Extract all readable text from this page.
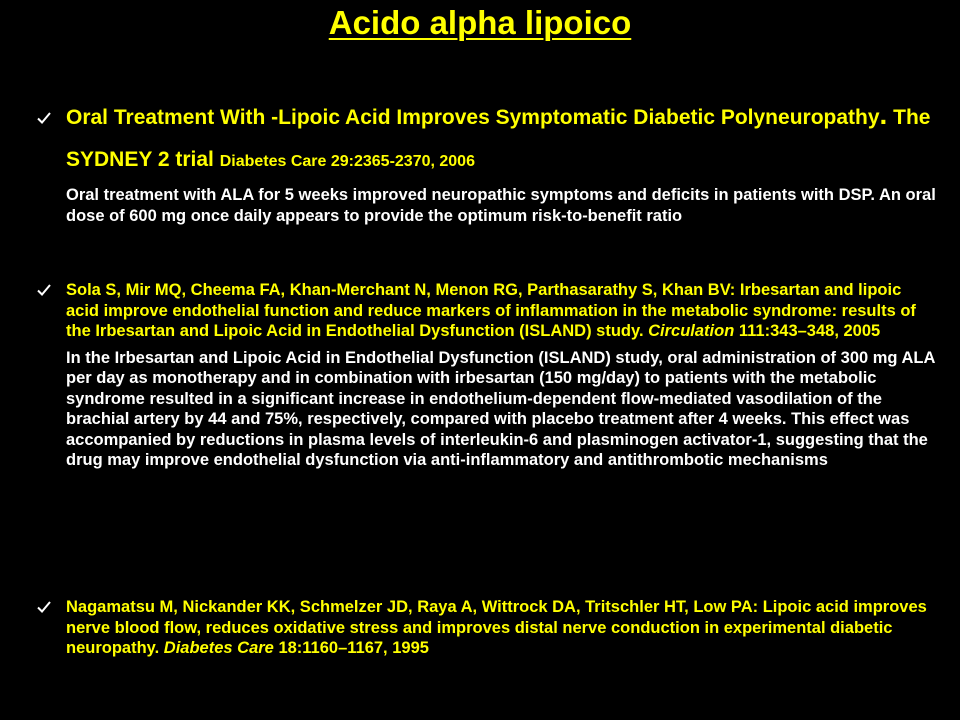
Acido alpha lipoico
Oral Treatment With -Lipoic Acid Improves Symptomatic Diabetic Polyneuropathy. The SYDNEY 2 trial Diabetes Care 29:2365-2370, 2006
Oral treatment with ALA for 5 weeks improved neuropathic symptoms and deficits in patients with DSP. An oral dose of 600 mg once daily appears to provide the optimum risk-to-benefit ratio
Sola S, Mir MQ, Cheema FA, Khan-Merchant N, Menon RG, Parthasarathy S, Khan BV: Irbesartan and lipoic acid improve endothelial function and reduce markers of inflammation in the metabolic syndrome: results of the Irbesartan and Lipoic Acid in Endothelial Dysfunction (ISLAND) study. Circulation 111:343–348, 2005
In the Irbesartan and Lipoic Acid in Endothelial Dysfunction (ISLAND) study, oral administration of 300 mg ALA per day as monotherapy and in combination with irbesartan (150 mg/day) to patients with the metabolic syndrome resulted in a significant increase in endothelium-dependent flow-mediated vasodilation of the brachial artery by 44 and 75%, respectively, compared with placebo treatment after 4 weeks. This effect was accompanied by reductions in plasma levels of interleukin-6 and plasminogen activator-1, suggesting that the drug may improve endothelial dysfunction via anti-inflammatory and antithrombotic mechanisms
Nagamatsu M, Nickander KK, Schmelzer JD, Raya A, Wittrock DA, Tritschler HT, Low PA: Lipoic acid improves nerve blood flow, reduces oxidative stress and improves distal nerve conduction in experimental diabetic neuropathy. Diabetes Care 18:1160–1167, 1995
